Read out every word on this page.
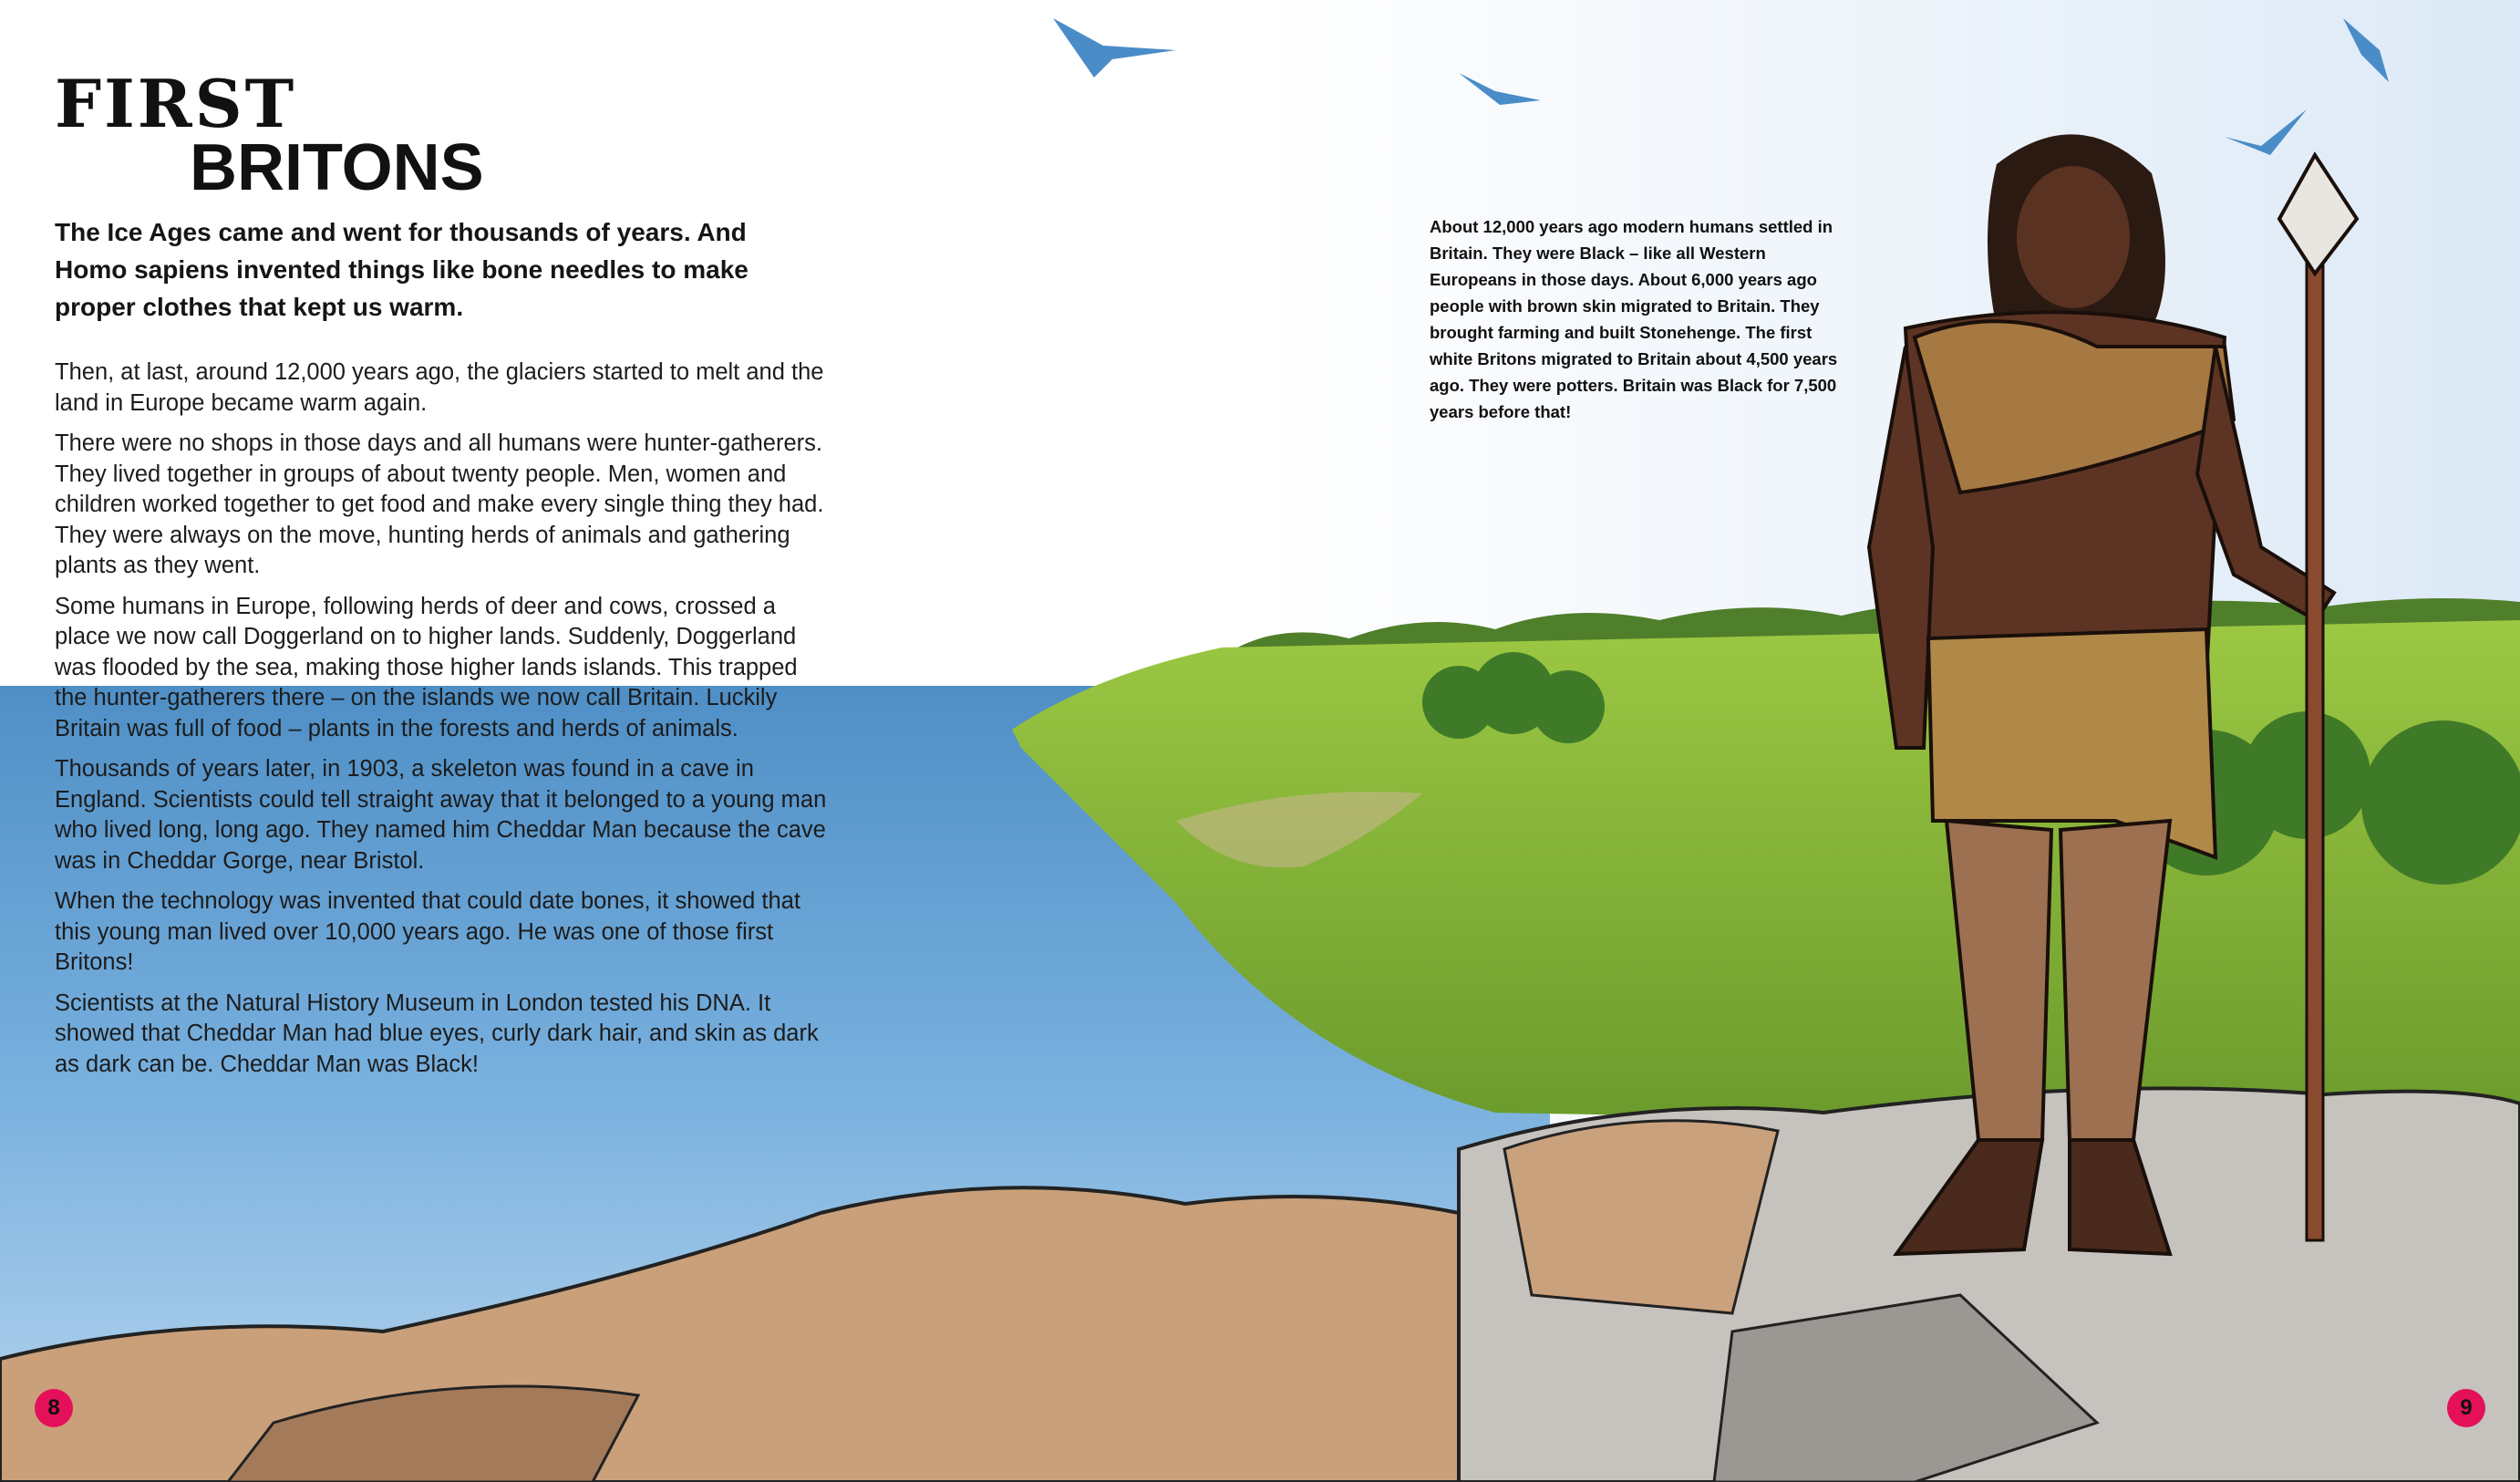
FIRST
BRITONS
The Ice Ages came and went for thousands of years. And Homo sapiens invented things like bone needles to make proper clothes that kept us warm.

Then, at last, around 12,000 years ago, the glaciers started to melt and the land in Europe became warm again.

There were no shops in those days and all humans were hunter-gatherers. They lived together in groups of about twenty people. Men, women and children worked together to get food and make every single thing they had. They were always on the move, hunting herds of animals and gathering plants as they went.

Some humans in Europe, following herds of deer and cows, crossed a place we now call Doggerland on to higher lands. Suddenly, Doggerland was flooded by the sea, making those higher lands islands. This trapped the hunter-gatherers there – on the islands we now call Britain. Luckily Britain was full of food – plants in the forests and herds of animals.

Thousands of years later, in 1903, a skeleton was found in a cave in England. Scientists could tell straight away that it belonged to a young man who lived long, long ago. They named him Cheddar Man because the cave was in Cheddar Gorge, near Bristol.

When the technology was invented that could date bones, it showed that this young man lived over 10,000 years ago. He was one of those first Britons!

Scientists at the Natural History Museum in London tested his DNA. It showed that Cheddar Man had blue eyes, curly dark hair, and skin as dark as dark can be. Cheddar Man was Black!

About 12,000 years ago modern humans settled in Britain. They were Black – like all Western Europeans in those days. About 6,000 years ago people with brown skin migrated to Britain. They brought farming and built Stonehenge. The first white Britons migrated to Britain about 4,500 years ago. They were potters. Britain was Black for 7,500 years before that!
8	9
